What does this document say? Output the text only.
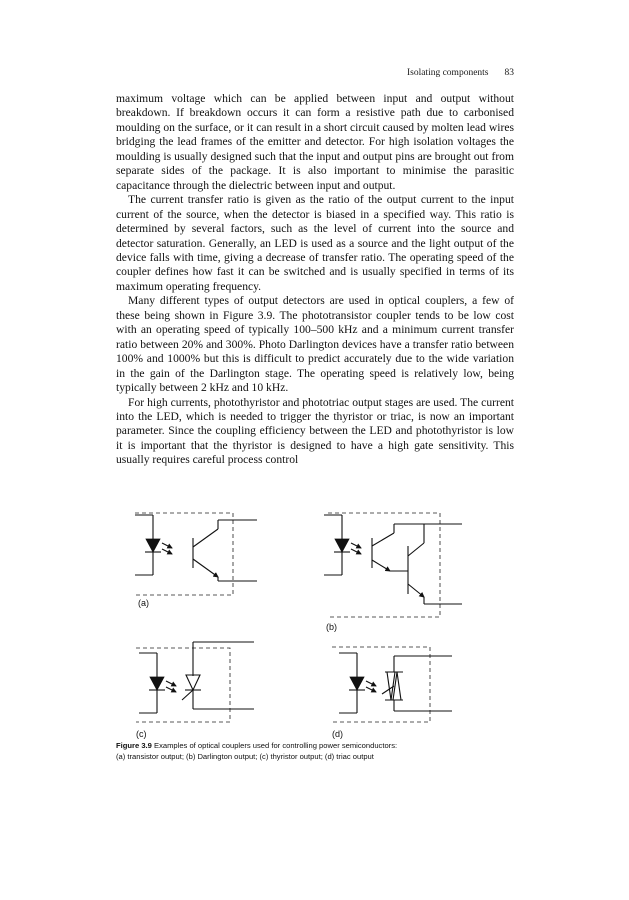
Isolating components 83

maximum voltage which can be applied between input and output without breakdown. If breakdown occurs it can form a resistive path due to carbonised moulding on the surface, or it can result in a short circuit caused by molten lead wires bridging the lead frames of the emitter and detector. For high isolation voltages the moulding is usually designed such that the input and output pins are brought out from separate sides of the package. It is also important to minimise the parasitic capacitance through the dielectric between input and output.

The current transfer ratio is given as the ratio of the output current to the input current of the source, when the detector is biased in a specified way. This ratio is determined by several factors, such as the level of current into the source and detector saturation. Generally, an LED is used as a source and the light output of the device falls with time, giving a decrease of transfer ratio. The operating speed of the coupler defines how fast it can be switched and is usually specified in terms of its maximum operating frequency.

Many different types of output detectors are used in optical couplers, a few of these being shown in Figure 3.9. The phototransistor coupler tends to be low cost with an operating speed of typically 100–500 kHz and a minimum current transfer ratio between 20% and 300%. Photo Darlington devices have a transfer ratio between 100% and 1000% but this is difficult to predict accurately due to the wide variation in the gain of the Darlington stage. The operating speed is relatively low, being typically between 2 kHz and 10 kHz.

For high currents, photothyristor and phototriac output stages are used. The current into the LED, which is needed to trigger the thyristor or triac, is now an important parameter. Since the coupling efficiency between the LED and photothyristor is low it is important that the thyristor is designed to have a high gate sensitivity. This usually requires careful process control

(a)
(b)
(c)	(d)
Figure 3.9 Examples of optical couplers used for controlling power semiconductors:
(a) transistor output; (b) Darlington output; (c) thyristor output; (d) triac output
